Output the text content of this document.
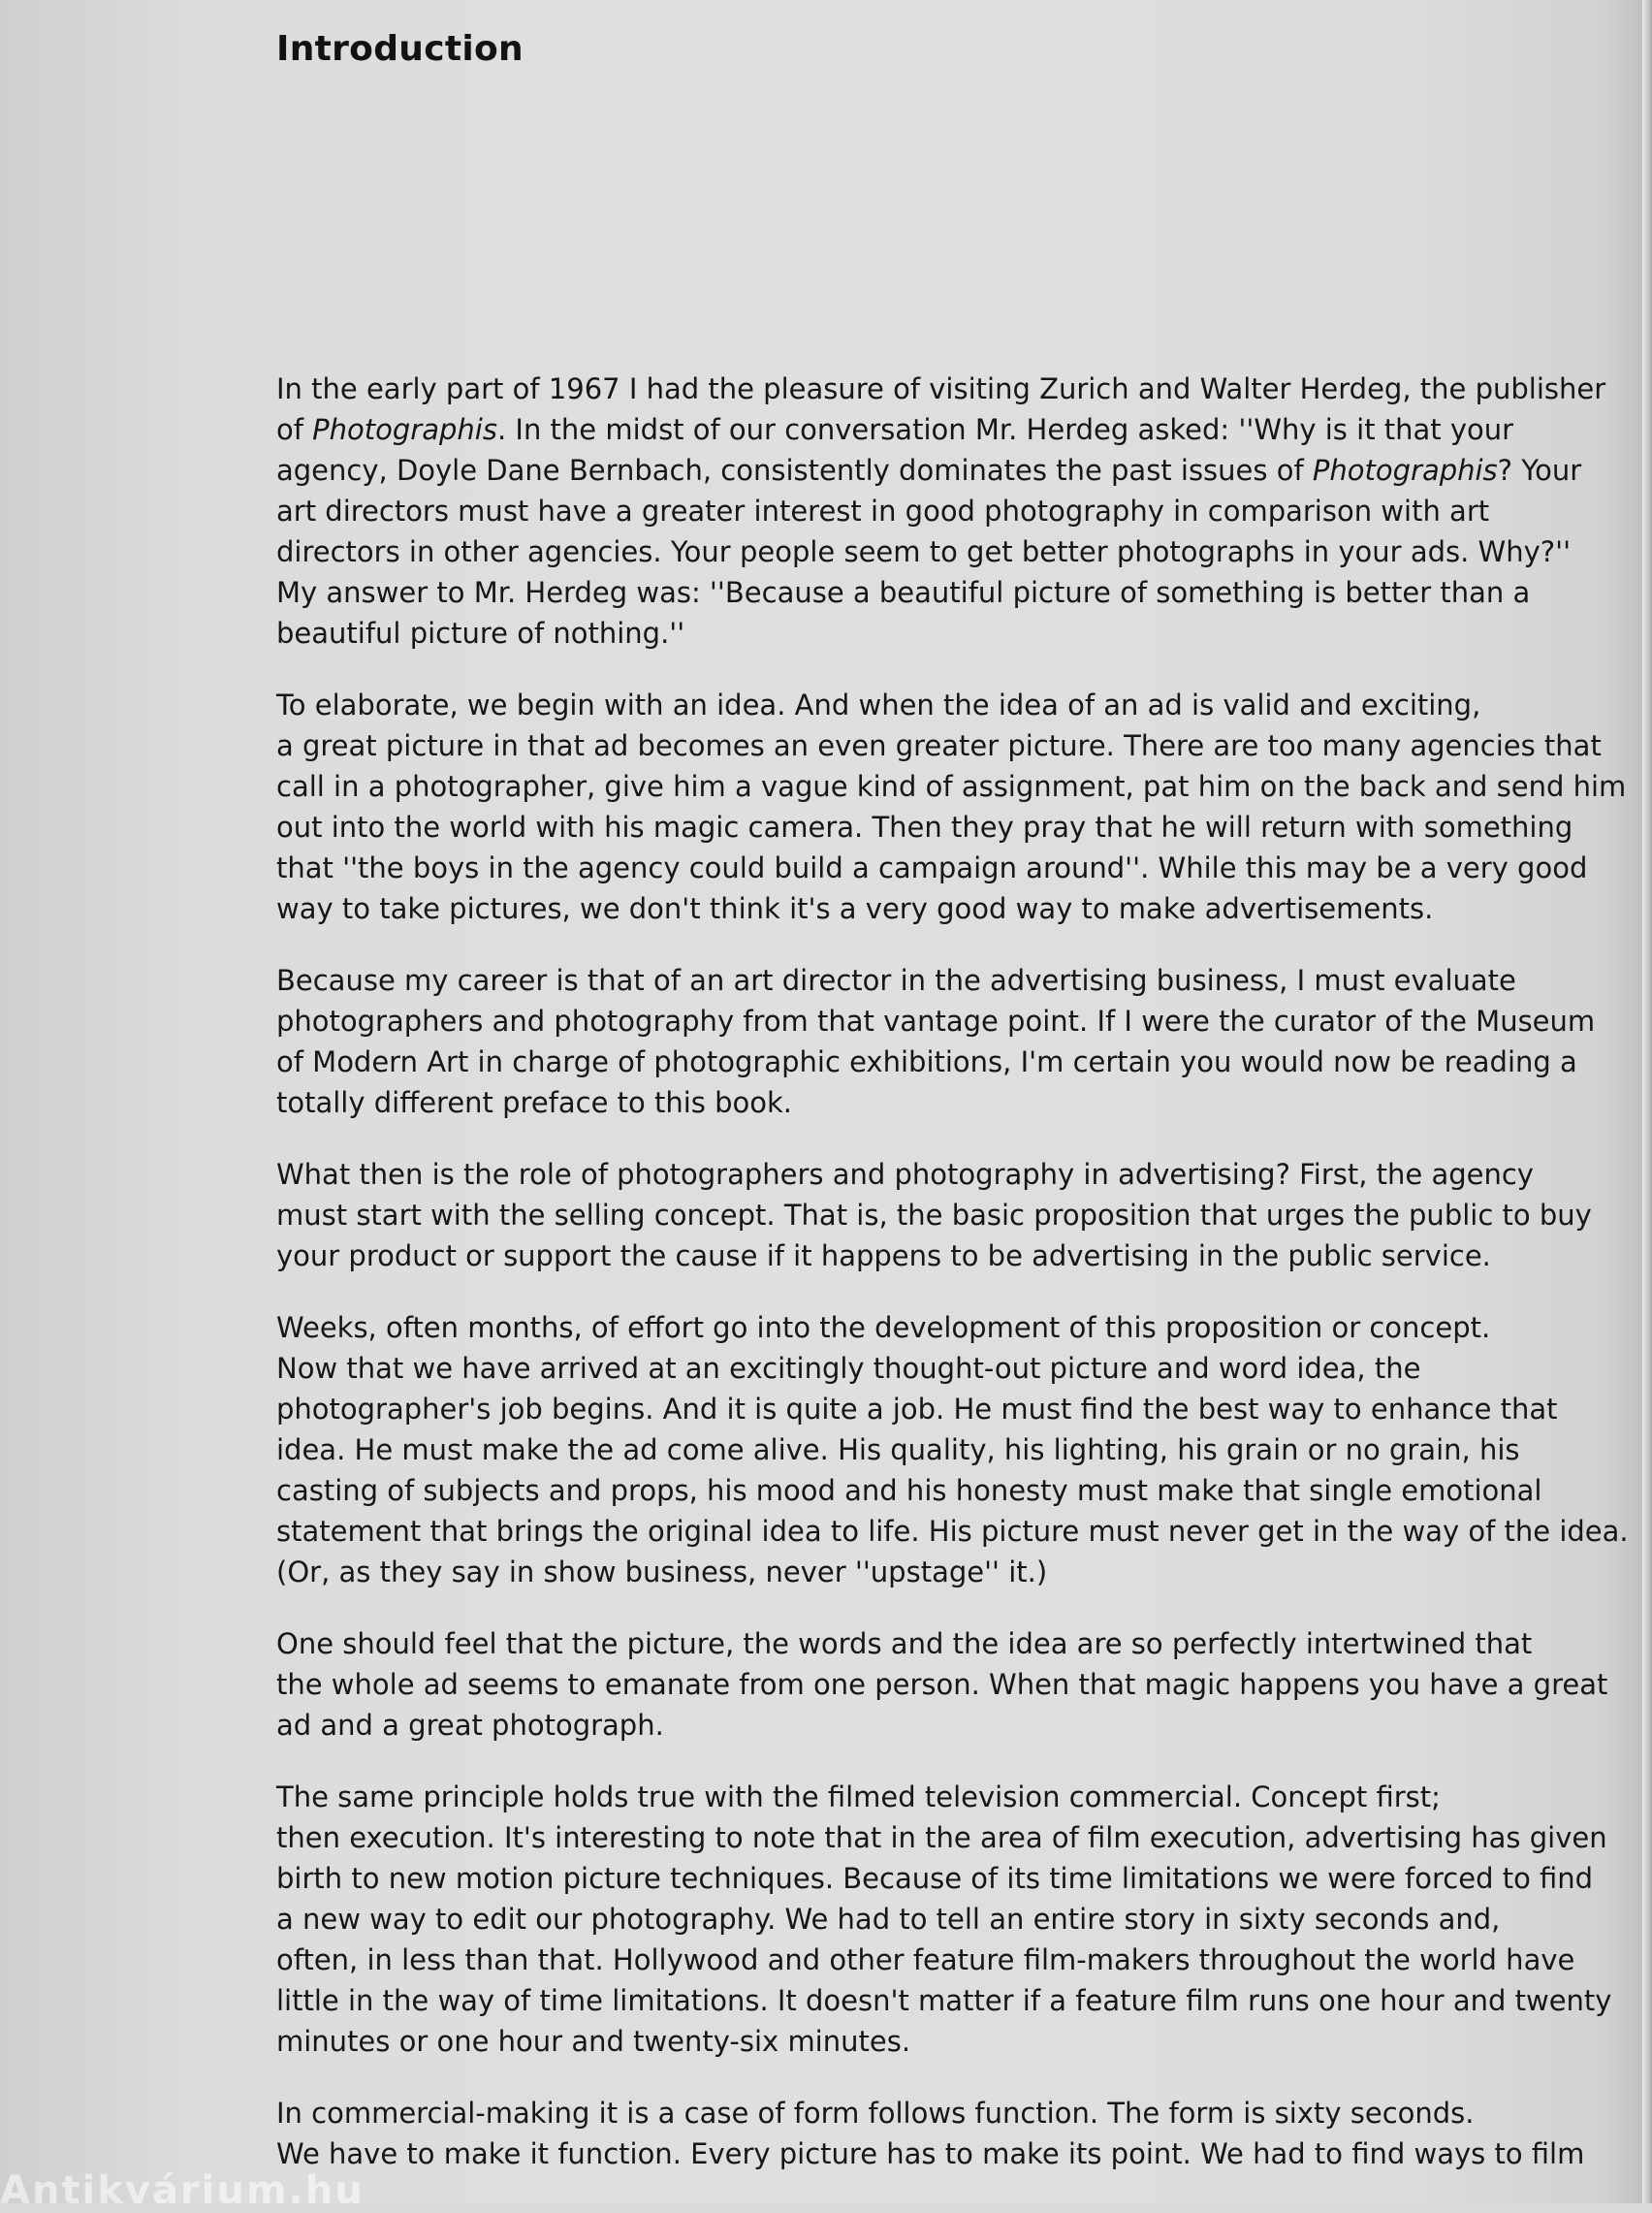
Introduction

In the early part of 1967 I had the pleasure of visiting Zurich and Walter Herdeg, the publisher
of Photographis. In the midst of our conversation Mr. Herdeg asked: ''Why is it that your
agency, Doyle Dane Bernbach, consistently dominates the past issues of Photographis? Your
art directors must have a greater interest in good photography in comparison with art
directors in other agencies. Your people seem to get better photographs in your ads. Why?''
My answer to Mr. Herdeg was: ''Because a beautiful picture of something is better than a
beautiful picture of nothing.''

To elaborate, we begin with an idea. And when the idea of an ad is valid and exciting,
a great picture in that ad becomes an even greater picture. There are too many agencies that
call in a photographer, give him a vague kind of assignment, pat him on the back and send him
out into the world with his magic camera. Then they pray that he will return with something
that ''the boys in the agency could build a campaign around''. While this may be a very good
way to take pictures, we don't think it's a very good way to make advertisements.

Because my career is that of an art director in the advertising business, I must evaluate
photographers and photography from that vantage point. If I were the curator of the Museum
of Modern Art in charge of photographic exhibitions, I'm certain you would now be reading a
totally different preface to this book.

What then is the role of photographers and photography in advertising? First, the agency
must start with the selling concept. That is, the basic proposition that urges the public to buy
your product or support the cause if it happens to be advertising in the public service.

Weeks, often months, of effort go into the development of this proposition or concept.
Now that we have arrived at an excitingly thought-out picture and word idea, the
photographer's job begins. And it is quite a job. He must find the best way to enhance that
idea. He must make the ad come alive. His quality, his lighting, his grain or no grain, his
casting of subjects and props, his mood and his honesty must make that single emotional
statement that brings the original idea to life. His picture must never get in the way of the idea.
(Or, as they say in show business, never ''upstage'' it.)

One should feel that the picture, the words and the idea are so perfectly intertwined that
the whole ad seems to emanate from one person. When that magic happens you have a great
ad and a great photograph.

The same principle holds true with the filmed television commercial. Concept first;
then execution. It's interesting to note that in the area of film execution, advertising has given
birth to new motion picture techniques. Because of its time limitations we were forced to find
a new way to edit our photography. We had to tell an entire story in sixty seconds and,
often, in less than that. Hollywood and other feature film-makers throughout the world have
little in the way of time limitations. It doesn't matter if a feature film runs one hour and twenty
minutes or one hour and twenty-six minutes.

In commercial-making it is a case of form follows function. The form is sixty seconds.
We have to make it function. Every picture has to make its point. We had to find ways to film

Antikvárium.hu
